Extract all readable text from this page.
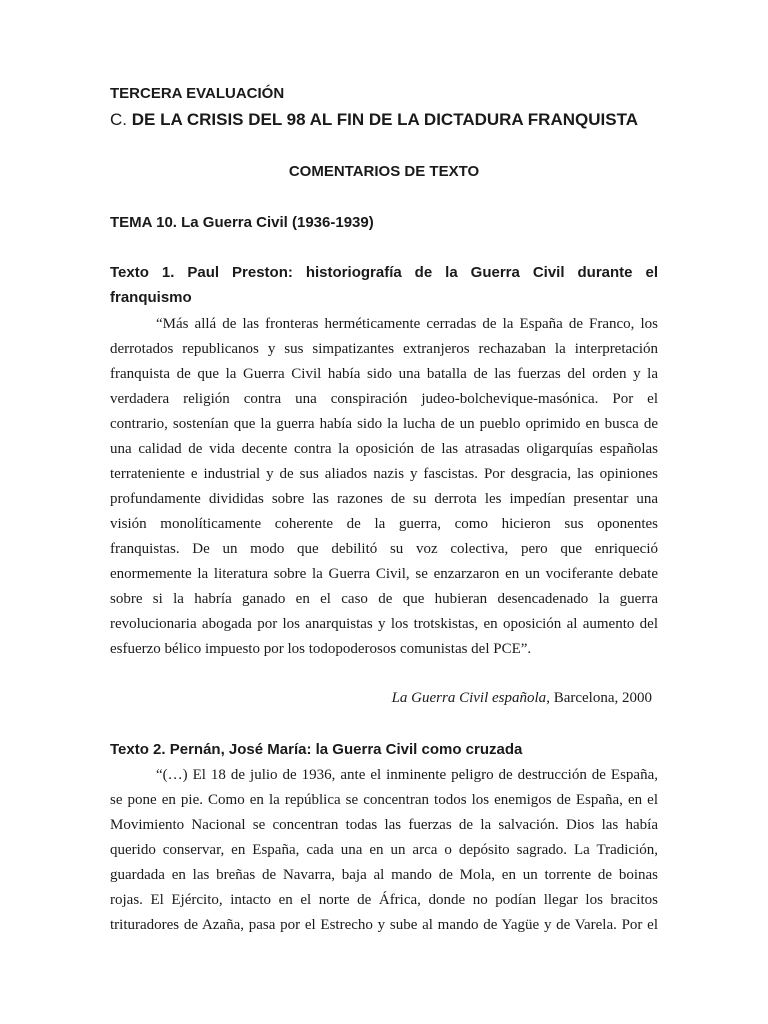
TERCERA EVALUACIÓN
C. DE LA CRISIS DEL 98 AL FIN DE LA DICTADURA FRANQUISTA
COMENTARIOS DE TEXTO
TEMA 10. La Guerra Civil (1936-1939)
Texto 1. Paul Preston: historiografía de la Guerra Civil durante el
franquismo
“Más allá de las fronteras herméticamente cerradas de la España de Franco, los
derrotados republicanos y sus simpatizantes extranjeros rechazaban la interpretación
franquista de que la Guerra Civil había sido una batalla de las fuerzas del orden y la
verdadera religión contra una conspiración judeo-bolchevique-masónica. Por el
contrario, sostenían que la guerra había sido la lucha de un pueblo oprimido en busca de
una calidad de vida decente contra la oposición de las atrasadas oligarquías españolas
terrateniente e industrial y de sus aliados nazis y fascistas. Por desgracia, las opiniones
profundamente divididas sobre las razones de su derrota les impedían presentar una
visión monolíticamente coherente de la guerra, como hicieron sus oponentes
franquistas. De un modo que debilitó su voz colectiva, pero que enriqueció
enormemente la literatura sobre la Guerra Civil, se enzarzaron en un vociferante debate
sobre si la habría ganado en el caso de que hubieran desencadenado la guerra
revolucionaria abogada por los anarquistas y los trotskistas, en oposición al aumento del
esfuerzo bélico impuesto por los todopoderosos comunistas del PCE”.
La Guerra Civil española, Barcelona, 2000
Texto 2. Pernán, José María: la Guerra Civil como cruzada
“(…) El 18 de julio de 1936, ante el inminente peligro de destrucción de España,
se pone en pie. Como en la república se concentran todos los enemigos de España, en el
Movimiento Nacional se concentran todas las fuerzas de la salvación. Dios las había
querido conservar, en España, cada una en un arca o depósito sagrado. La Tradición,
guardada en las breñas de Navarra, baja al mando de Mola, en un torrente de boinas
rojas. El Ejército, intacto en el norte de África, donde no podían llegar los bracitos
trituradores de Azaña, pasa por el Estrecho y sube al mando de Yagüe y de Varela. Por el
